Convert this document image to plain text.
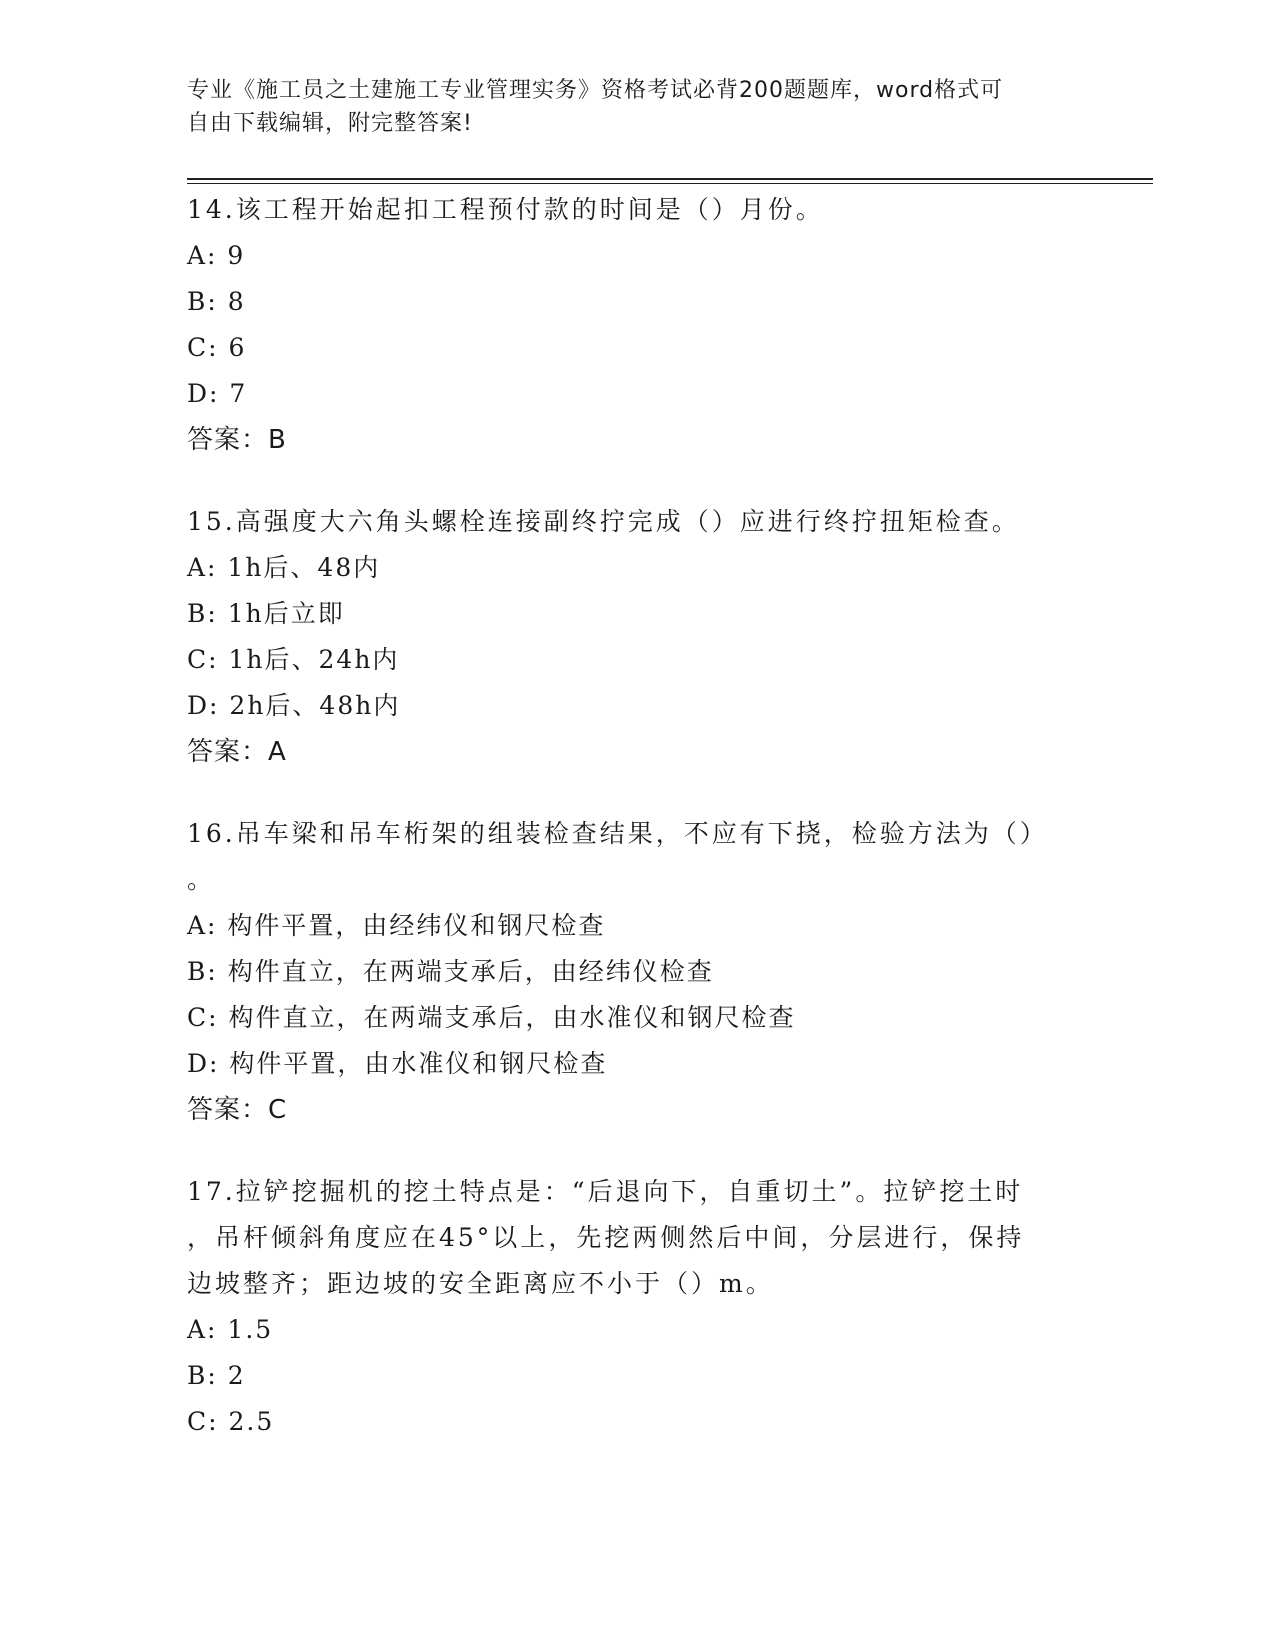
专业《施工员之土建施工专业管理实务》资格考试必背200题题库，word格式可
自由下载编辑，附完整答案!
14.该工程开始起扣工程预付款的时间是（）月份。
A: 9
B: 8
C: 6
D: 7
答案：B
15.高强度大六角头螺栓连接副终拧完成（）应进行终拧扭矩检查。
A: 1h后、48内
B: 1h后立即
C: 1h后、24h内
D: 2h后、48h内
答案：A
16.吊车梁和吊车桁架的组装检查结果，不应有下挠，检验方法为（）
。
A: 构件平置，由经纬仪和钢尺检查
B: 构件直立，在两端支承后，由经纬仪检查
C: 构件直立，在两端支承后，由水准仪和钢尺检查
D: 构件平置，由水准仪和钢尺检查
答案：C
17.拉铲挖掘机的挖土特点是：“后退向下，自重切土”。拉铲挖土时
，吊杆倾斜角度应在45°以上，先挖两侧然后中间，分层进行，保持
边坡整齐；距边坡的安全距离应不小于（）m。
A: 1.5
B: 2
C: 2.5
